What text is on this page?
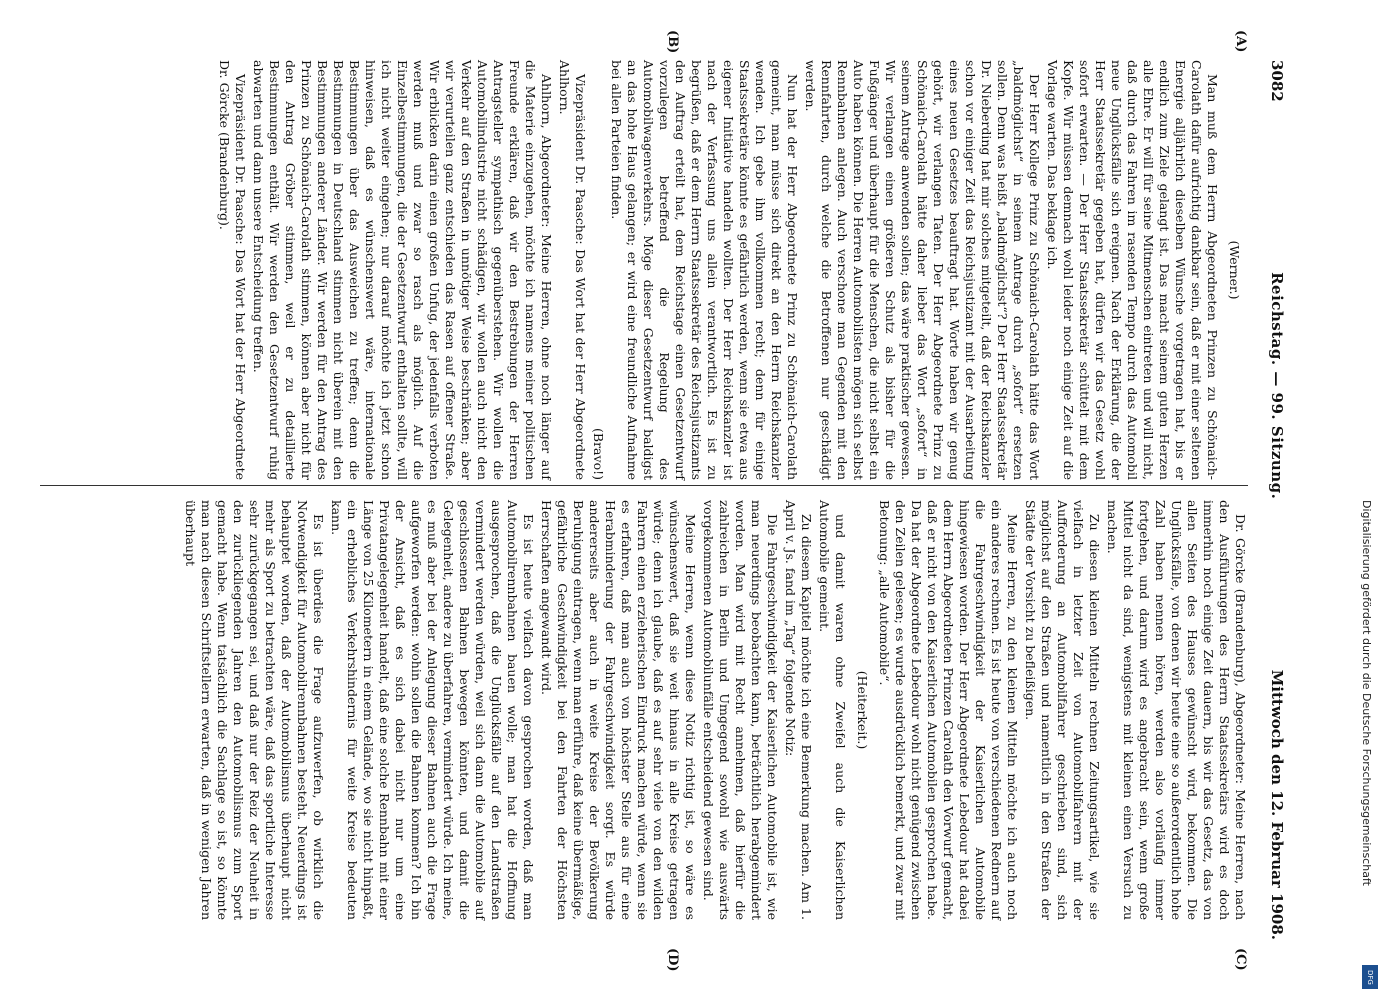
3082
Reichstag. — 99. Sitzung.
Mittwoch den 12. Februar 1908.
(A)
(B)
(C)
(D)

(Werner.)

Man muß dem Herrn Abgeordneten Prinzen zu Schönaich-Carolath dafür aufrichtig dankbar sein, daß er mit einer seltenen Energie alljährlich dieselben Wünsche vorgetragen hat, bis er endlich zum Ziele gelangt ist. Das macht seinem guten Herzen alle Ehre. Er will für seine Mitmenschen eintreten und will nicht, daß durch das Fahren im rasenden Tempo durch das Automobil neue Unglücksfälle sich ereignen. Nach der Erklärung, die der Herr Staatssekretär gegeben hat, dürfen wir das Gesetz wohl sofort erwarten. — Der Herr Staatssekretär schüttelt mit dem Kopfe. Wir müssen demnach wohl leider noch einige Zeit auf die Vorlage warten. Das beklage ich.

Der Herr Kollege Prinz zu Schönaich-Carolath hätte das Wort „baldmöglichst“ in seinem Antrage durch „sofort“ ersetzen sollen. Denn was heißt „baldmöglichst“? Der Herr Staatssekretär Dr. Nieberding hat mir solches mitgeteilt, daß der Reichskanzler schon vor einiger Zeit das Reichsjustizamt mit der Ausarbeitung eines neuen Gesetzes beauftragt hat. Worte haben wir genug gehört, wir verlangen Taten. Der Herr Abgeordnete Prinz zu Schönaich-Carolath hätte daher lieber das Wort „sofort“ in seinem Antrage anwenden sollen; das wäre praktischer gewesen. Wir verlangen einen größeren Schutz als bisher für die Fußgänger und überhaupt für die Menschen, die nicht selbst ein Auto haben können. Die Herren Automobilisten mögen sich selbst Rennbahnen anlegen. Auch verschone man Gegenden mit den Rennfahrten, durch welche die Betroffenen nur geschädigt werden.

Nun hat der Herr Abgeordnete Prinz zu Schönaich-Carolath gemeint, man müsse sich direkt an den Herrn Reichskanzler wenden. Ich gebe ihm vollkommen recht; denn für einige Staatssekretäre könnte es gefährlich werden, wenn sie etwa aus eigener Initiative handeln wollten. Der Herr Reichskanzler ist nach der Verfassung uns allein verantwortlich. Es ist zu begrüßen, daß er dem Herrn Staatssekretär des Reichsjustizamts den Auftrag erteilt hat, dem Reichstage einen Gesetzentwurf vorzulegen betreffend die Regelung des Automobilwagenverkehrs. Möge dieser Gesetzentwurf baldigst an das hohe Haus gelangen; er wird eine freundliche Aufnahme bei allen Parteien finden.

(Bravo!)

Vizepräsident Dr. Paasche: Das Wort hat der Herr Abgeordnete Ahlhorn.

Ahlhorn, Abgeordneter: Meine Herren, ohne noch länger auf die Materie einzugehen, möchte ich namens meiner politischen Freunde erklären, daß wir den Bestrebungen der Herren Antragsteller sympathisch gegenüberstehen. Wir wollen die Automobilindustrie nicht schädigen, wir wollen auch nicht den Verkehr auf den Straßen in unnötiger Weise beschränken; aber wir verurteilen ganz entschieden das Rasen auf offener Straße. Wir erblicken darin einen großen Unfug, der jedenfalls verboten werden muß und zwar so rasch als möglich. Auf die Einzelbestimmungen, die der Gesetzentwurf enthalten sollte, will ich nicht weiter eingehen; nur darauf möchte ich jetzt schon hinweisen, daß es wünschenswert wäre, internationale Bestimmungen über das Ausweichen zu treffen; denn die Bestimmungen in Deutschland stimmen nicht überein mit den Bestimmungen anderer Länder. Wir werden für den Antrag des Prinzen zu Schönaich-Carolath stimmen, können aber nicht für den Antrag Gröber stimmen, weil er zu detaillierte Bestimmungen enthält. Wir werden den Gesetzentwurf ruhig abwarten und dann unsere Entscheidung treffen.

Vizepräsident Dr. Paasche: Das Wort hat der Herr Abgeordnete Dr. Görcke (Brandenburg).

Dr. Görcke (Brandenburg), Abgeordneter: Meine Herren, nach den Ausführungen des Herrn Staatssekretärs wird es doch immerhin noch einige Zeit dauern, bis wir das Gesetz, das von allen Seiten des Hauses gewünscht wird, bekommen. Die Unglücksfälle, von denen wir heute eine so außerordentlich hohe Zahl haben nennen hören, werden also vorläufig immer fortgehen, und darum wird es angebracht sein, wenn große Mittel nicht da sind, wenigstens mit kleinen einen Versuch zu machen.

Zu diesen kleinen Mitteln rechnen Zeitungsartikel, wie sie vielfach in letzter Zeit von Automobilfahrern mit der Aufforderung an Automobilfahrer geschrieben sind, sich möglichst auf den Straßen und namentlich in den Straßen der Städte der Vorsicht zu befleißigen.

Meine Herren, zu den kleinen Mitteln möchte ich auch noch ein anderes rechnen. Es ist heute von verschiedenen Rednern auf die Fahrgeschwindigkeit der Kaiserlichen Automobile hingewiesen worden. Der Herr Abgeordnete Lebedour hat dabei dem Herrn Abgeordneten Prinzen Carolath den Vorwurf gemacht, daß er nicht von den Kaiserlichen Automobilen gesprochen habe. Da hat der Abgeordnete Lebedour wohl nicht genügend zwischen den Zeilen gelesen; es wurde ausdrücklich bemerkt, und zwar mit Betonung: „alle Automobile“.

(Heiterkeit.)

und damit waren ohne Zweifel auch die Kaiserlichen Automobile gemeint.

Zu diesem Kapitel möchte ich eine Bemerkung machen. Am 1. April v. Js. fand im „Tag“ folgende Notiz:

Die Fahrgeschwindigkeit der Kaiserlichen Automobile ist, wie man neuerdings beobachten kann, beträchtlich herabgemindert worden. Man wird mit Recht annehmen, daß hierfür die zahlreichen in Berlin und Umgegend sowohl wie auswärts vorgekommenen Automobilunfälle entscheidend gewesen sind.

Meine Herren, wenn diese Notiz richtig ist, so wäre es wünschenswert, daß sie weit hinaus in alle Kreise getragen würde; denn ich glaube, daß es auf sehr viele von den wilden Fahrern einen erzieherischen Eindruck machen würde, wenn sie es erfahren, daß man auch von höchster Stelle aus für eine Herabminderung der Fahrgeschwindigkeit sorgt. Es würde andererseits aber auch in weite Kreise der Bevölkerung Beruhigung eintragen, wenn man erführe, daß keine übermäßige, gefährliche Geschwindigkeit bei den Fahrten der Höchsten Herrschaften angewandt wird.

Es ist heute vielfach davon gesprochen worden, daß man Automobilrennbahnen bauen wolle; man hat die Hoffnung ausgesprochen, daß die Unglücksfälle auf den Landstraßen vermindert werden würden, weil sich dann die Automobile auf geschlossenen Bahnen bewegen könnten, und damit die Gelegenheit, andere zu überfahren, vermindert würde. Ich meine, es muß aber bei der Anlegung dieser Bahnen auch die Frage aufgeworfen werden: wohin sollen die Bahnen kommen? Ich bin der Ansicht, daß es sich dabei nicht nur um eine Privatangelegenheit handelt, daß eine solche Rennbahn mit einer Länge von 25 Kilometern in einem Gelände, wo sie nicht hinpaßt, ein erhebliches Verkehrshindernis für weite Kreise bedeuten kann.

Es ist überdies die Frage aufzuwerfen, ob wirklich die Notwendigkeit für Automobilrennbahnen besteht. Neuerdings ist behauptet worden, daß der Automobilismus überhaupt nicht mehr als Sport zu betrachten wäre, daß das sportliche Interesse sehr zurückgegangen sei, und daß nur der Reiz der Neuheit in den zurückliegenden Jahren den Automobilismus zum Sport gemacht habe. Wenn tatsächlich die Sachlage so ist, so könnte man nach diesen Schriftstellern erwarten, daß in wenigen Jahren überhaupt	Digitalisierung gefördert durch die Deutsche Forschungsgemeinschaft
DFG
